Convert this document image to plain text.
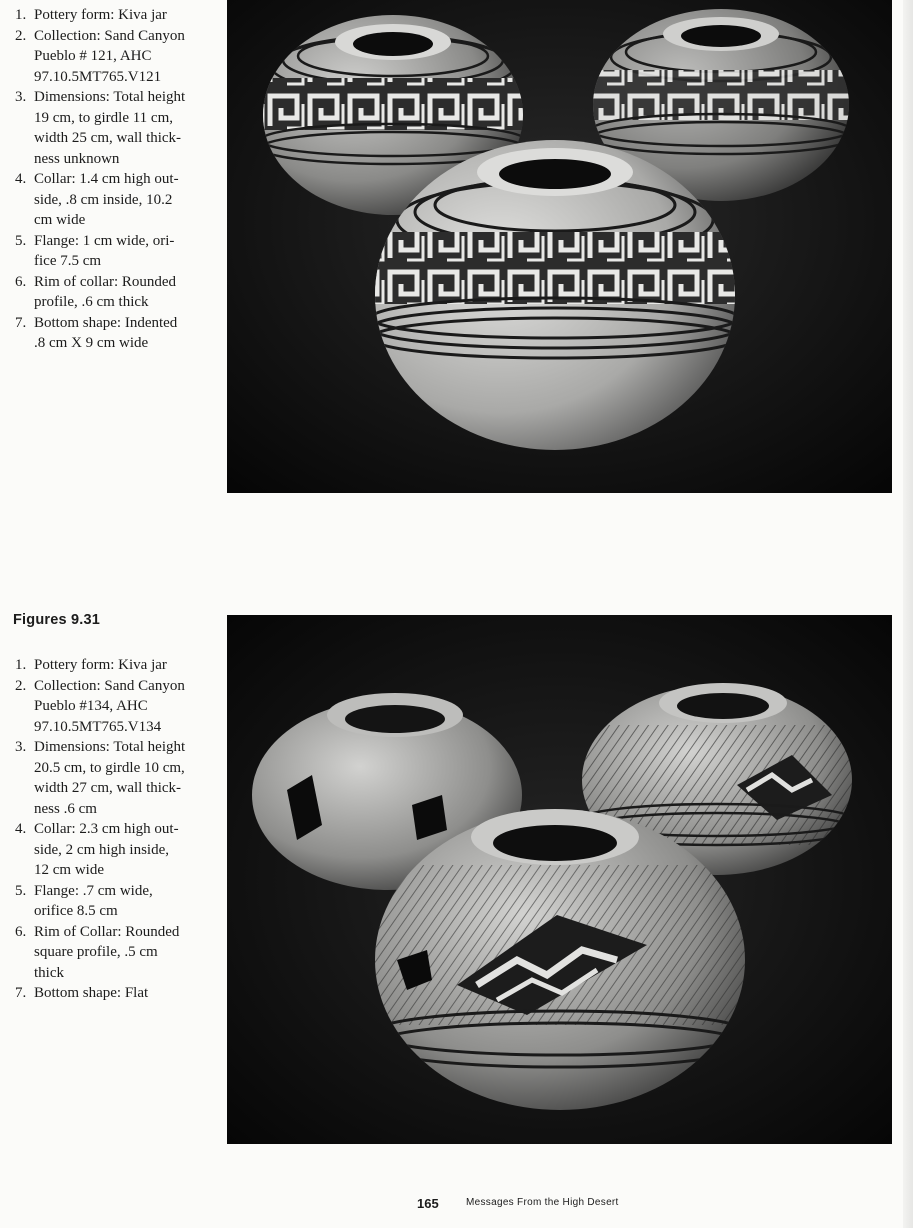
1. Pottery form: Kiva jar
2. Collection: Sand Canyon
Pueblo # 121, AHC
97.10.5MT765.V121
3. Dimensions: Total height
19 cm, to girdle 11 cm,
width 25 cm, wall thick-
ness unknown
4. Collar: 1.4 cm high out-
side, .8 cm inside, 10.2
cm wide
5. Flange: 1 cm wide, ori-
fice 7.5 cm
6. Rim of collar: Rounded
profile, .6 cm thick
7. Bottom shape: Indented
.8 cm X 9 cm wide
Figures 9.31
1. Pottery form: Kiva jar
2. Collection: Sand Canyon
Pueblo #134, AHC
97.10.5MT765.V134
3. Dimensions: Total height
20.5 cm, to girdle 10 cm,
width 27 cm, wall thick-
ness .6 cm
4. Collar: 2.3 cm high out-
side, 2 cm high inside,
12 cm wide
5. Flange: .7 cm wide,
orifice 8.5 cm
6. Rim of Collar: Rounded
square profile, .5 cm
thick
7. Bottom shape: Flat
165	Messages From the High Desert
